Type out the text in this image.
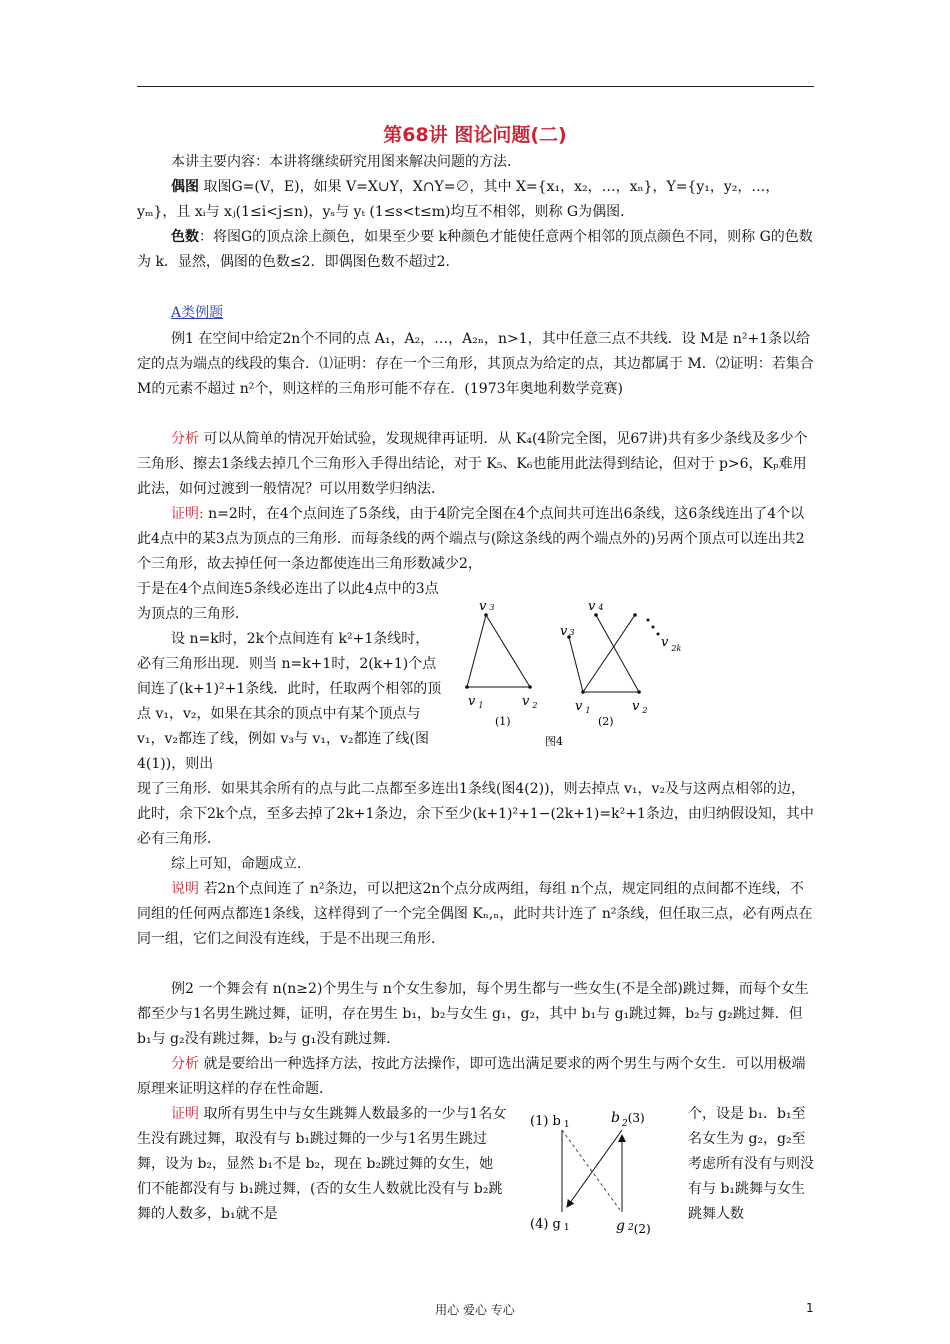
第68讲 图论问题(二)

本讲主要内容：本讲将继续研究用图来解决问题的方法．

偶图 取图G=(V，E)，如果 V=X∪Y，X∩Y=∅，其中 X={x₁，x₂，…，xₙ}，Y={y₁，y₂，…，yₘ}，且 xᵢ与 xⱼ(1≤i<j≤n)，yₛ与 yₜ (1≤s<t≤m)均互不相邻，则称 G为偶图．

色数：将图G的顶点涂上颜色，如果至少要 k种颜色才能使任意两个相邻的顶点颜色不同，则称 G的色数为 k．显然，偶图的色数≤2．即偶图色数不超过2．

A类例题

例1 在空间中给定2n个不同的点 A₁，A₂，…，A₂ₙ，n>1，其中任意三点不共线．设 M是 n²+1条以给定的点为端点的线段的集合．⑴证明：存在一个三角形，其顶点为给定的点，其边都属于 M．⑵证明：若集合 M的元素不超过 n²个，则这样的三角形可能不存在．(1973年奥地利数学竞赛)

分析 可以从简单的情况开始试验，发现规律再证明．从 K₄(4阶完全图，见67讲)共有多少条线及多少个三角形、擦去1条线去掉几个三角形入手得出结论，对于 K₅、K₆也能用此法得到结论，但对于 p>6，Kₚ难用此法，如何过渡到一般情况？可以用数学归纳法．

证明: n=2时，在4个点间连了5条线，由于4阶完全图在4个点间共可连出6条线，这6条线连出了4个以此4点中的某3点为顶点的三角形．而每条线的两个端点与(除这条线的两个端点外的)另两个顶点可以连出共2个三角形，故去掉任何一条边都使连出三角形数减少2，

于是在4个点间连5条线必连出了以此4点中的3点为顶点的三角形．

设 n=k时，2k个点间连有 k²+1条线时，必有三角形出现．则当 n=k+1时，2(k+1)个点间连了(k+1)²+1条线．此时，任取两个相邻的顶点 v₁，v₂，如果在其余的顶点中有某个顶点与 v₁，v₂都连了线，例如 v₃与 v₁，v₂都连了线(图4(1))，则出

v 3
v $_1$	v $_2$
(1)
v 3
v 4
v $_{2k}$
v $_1$	v $_2$
(2)
图4

现了三角形．如果其余所有的点与此二点都至多连出1条线(图4(2))，则去掉点 v₁，v₂及与这两点相邻的边，此时，余下2k个点，至多去掉了2k+1条边，余下至少(k+1)²+1−(2k+1)=k²+1条边，由归纳假设知，其中必有三角形．

综上可知，命题成立．

说明 若2n个点间连了 n²条边，可以把这2n个点分成两组，每组 n个点，规定同组的点间都不连线，不同组的任何两点都连1条线，这样得到了一个完全偶图 Kₙ,ₙ，此时共计连了 n²条线，但任取三点，必有两点在同一组，它们之间没有连线，于是不出现三角形．

例2 一个舞会有 n(n≥2)个男生与 n个女生参加，每个男生都与一些女生(不是全部)跳过舞，而每个女生都至少与1名男生跳过舞，证明，存在男生 b₁，b₂与女生 g₁，g₂，其中 b₁与 g₁跳过舞，b₂与 g₂跳过舞．但 b₁与 g₂没有跳过舞，b₂与 g₁没有跳过舞．

分析 就是要给出一种选择方法，按此方法操作，即可选出满足要求的两个男生与两个女生．可以用极端原理来证明这样的存在性命题．

证明 取所有男生中与女生跳舞人数最多的一少与1名女生没有跳过舞，取没有与 b₁跳过舞的一少与1名男生跳过舞，设为 b₂，显然 b₁不是 b₂，现在 b₂跳过舞的女生，她们不能都没有与 b₁跳过舞，(否的女生人数就比没有与 b₂跳舞的人数多，b₁就不是

(1) b 1	b $_2$(3)
(4) g 1	g 2(2)

个，设是 b₁．b₁至名女生为 g₂，g₂至考虑所有没有与则没有与 b₁跳舞与女生跳舞人数

用心 爱心 专心	1
